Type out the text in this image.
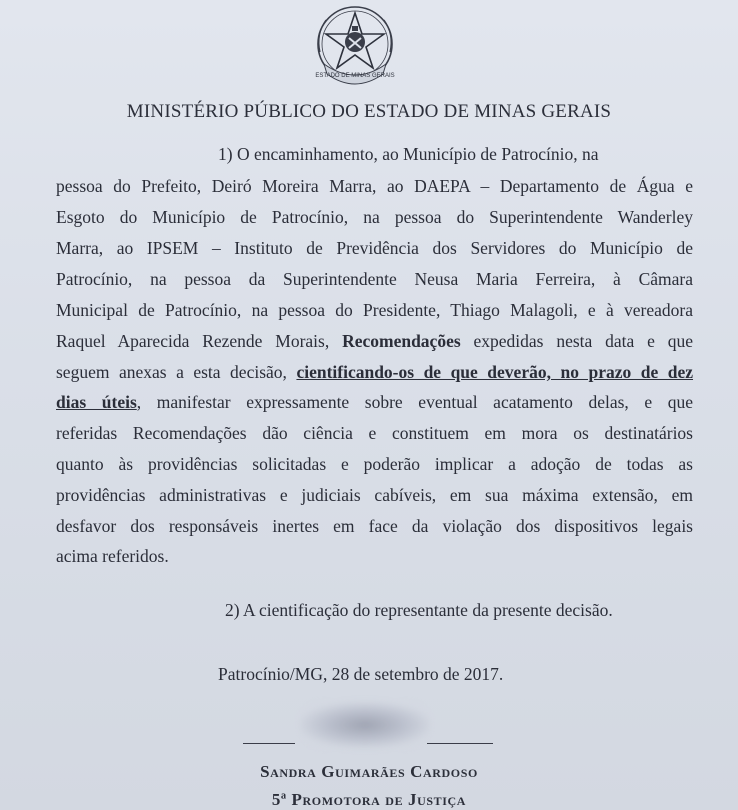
ESTADO DE MINAS GERAIS
MINISTÉRIO PÚBLICO DO ESTADO DE MINAS GERAIS
1) O encaminhamento, ao Município de Patrocínio, na
pessoa do Prefeito, Deiró Moreira Marra, ao DAEPA – Departamento de Água e
Esgoto do Município de Patrocínio, na pessoa do Superintendente Wanderley
Marra, ao IPSEM – Instituto de Previdência dos Servidores do Município de
Patrocínio, na pessoa da Superintendente Neusa Maria Ferreira, à Câmara
Municipal de Patrocínio, na pessoa do Presidente, Thiago Malagoli, e à vereadora
Raquel Aparecida Rezende Morais, Recomendações expedidas nesta data e que
seguem anexas a esta decisão, cientificando-os de que deverão, no prazo de dez
dias úteis, manifestar expressamente sobre eventual acatamento delas, e que
referidas Recomendações dão ciência e constituem em mora os destinatários
quanto às providências solicitadas e poderão implicar a adoção de todas as
providências administrativas e judiciais cabíveis, em sua máxima extensão, em
desfavor dos responsáveis inertes em face da violação dos dispositivos legais
acima referidos.
2) A cientificação do representante da presente decisão.
Patrocínio/MG, 28 de setembro de 2017.
Sandra Guimarães Cardoso
5ª Promotora de Justiça
